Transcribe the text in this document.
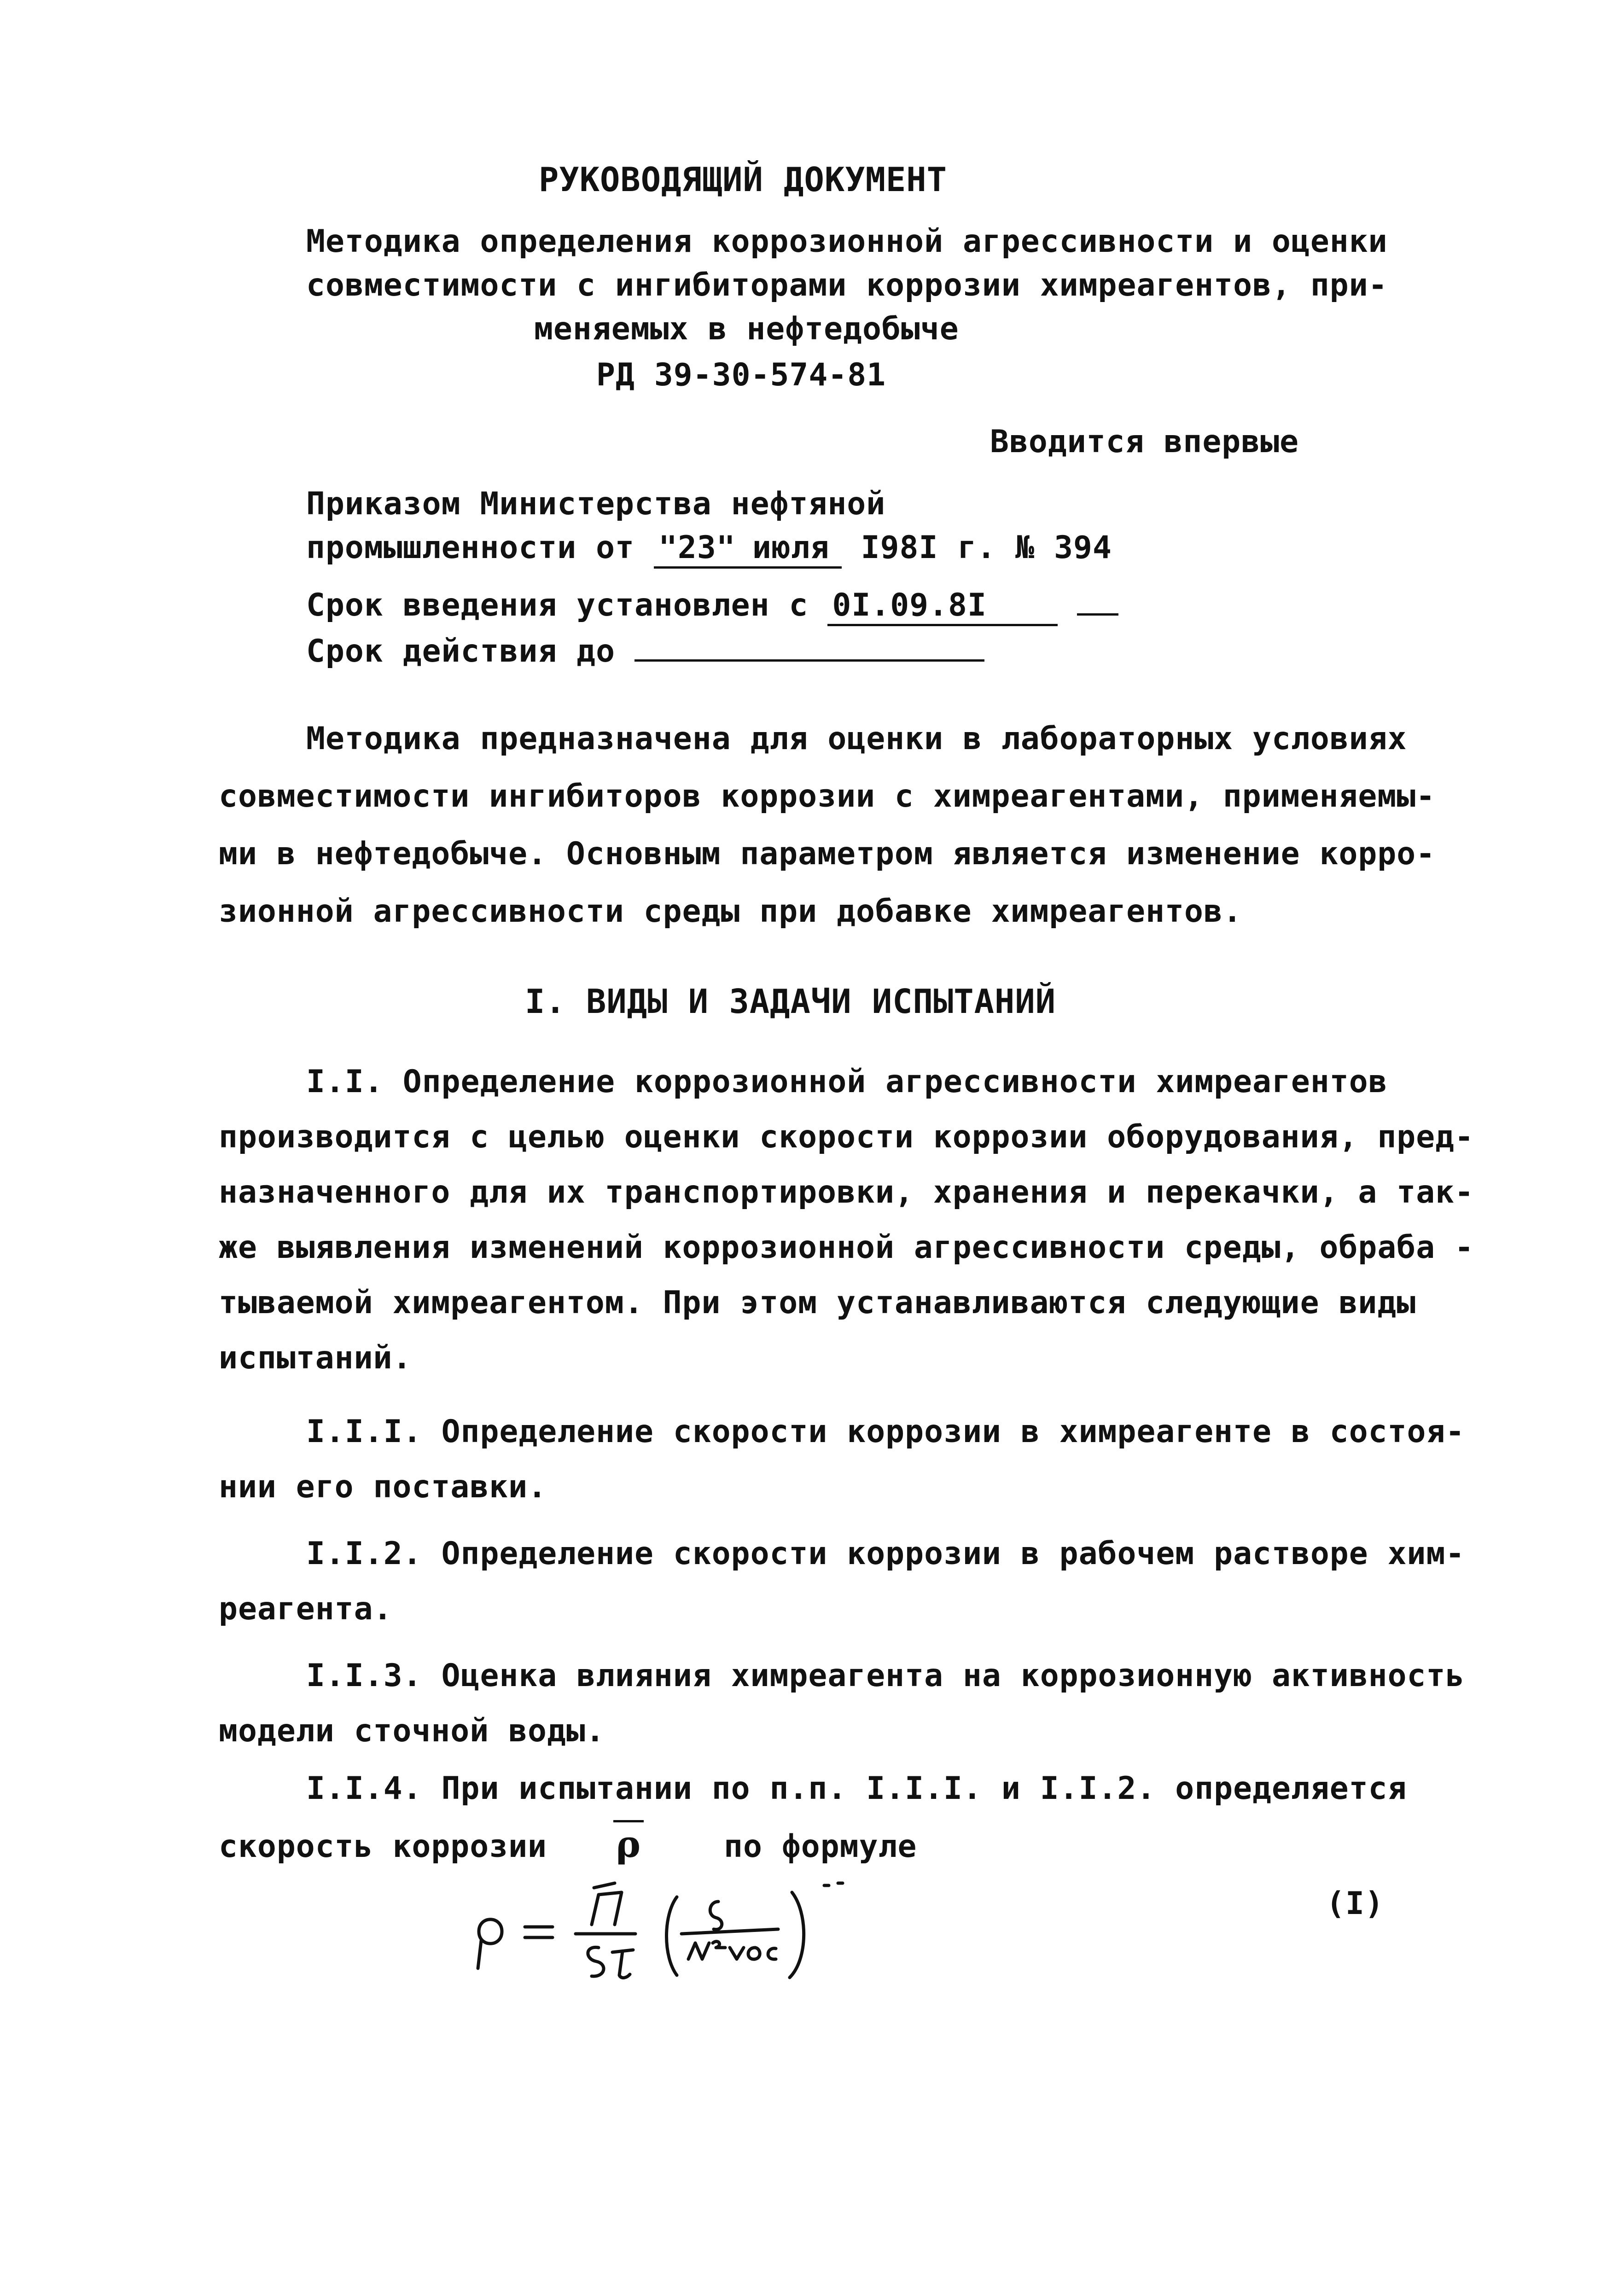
РУКОВОДЯЩИЙ ДОКУМЕНТ
Методика определения коррозионной агрессивности и оценки
совместимости с ингибиторами коррозии химреагентов, при-
меняемых в нефтедобыче
РД 39-30-574-81
Вводится впервые
Приказом Министерства нефтяной
промышленности от "23" июля I98I г. № 394
Срок введения установлен с 0I.09.8I
Срок действия до
Методика предназначена для оценки в лабораторных условиях
совместимости ингибиторов коррозии с химреагентами, применяемы-
ми в нефтедобыче. Основным параметром является изменение корро-
зионной агрессивности среды при добавке химреагентов.
I. ВИДЫ И ЗАДАЧИ ИСПЫТАНИЙ
I.I. Определение коррозионной агрессивности химреагентов
производится с целью оценки скорости коррозии оборудования, пред-
назначенного для их транспортировки, хранения и перекачки, а так-
же выявления изменений коррозионной агрессивности среды, обраба -
тываемой химреагентом. При этом устанавливаются следующие виды
испытаний.
I.I.I. Определение скорости коррозии в химреагенте в состоя-
нии его поставки.
I.I.2. Определение скорости коррозии в рабочем растворе хим-
реагента.
I.I.3. Оценка влияния химреагента на коррозионную активность
модели сточной воды.
I.I.4. При испытании по п.п. I.I.I. и I.I.2. определяется
скорость коррозии ρ	по формуле
(I)
